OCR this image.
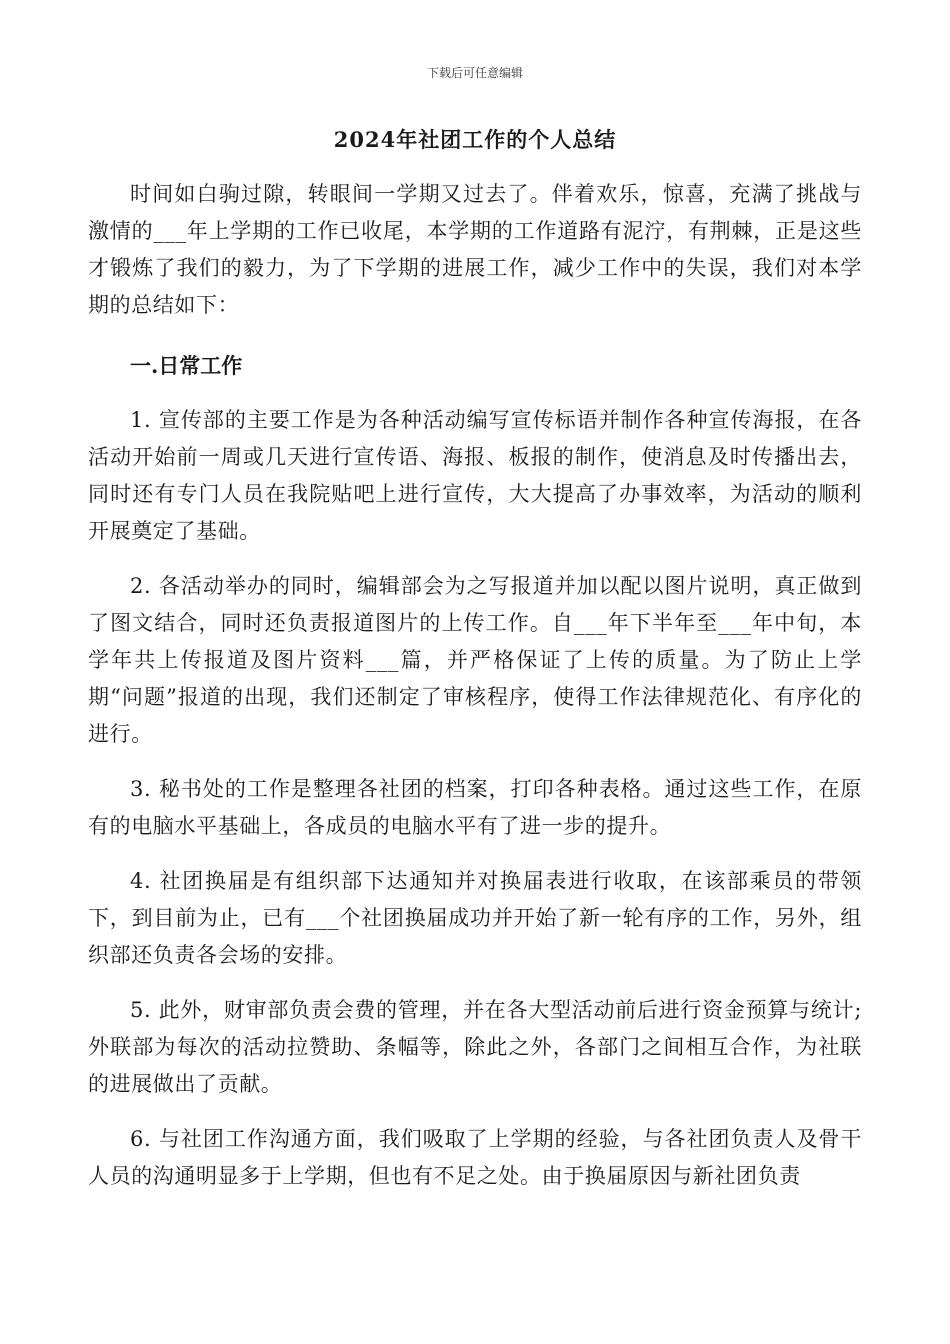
下载后可任意编辑
2024年社团工作的个人总结

时间如白驹过隙，转眼间一学期又过去了。伴着欢乐，惊喜，充满了挑战与激情的___年上学期的工作已收尾，本学期的工作道路有泥泞，有荆棘，正是这些才锻炼了我们的毅力，为了下学期的进展工作，减少工作中的失误，我们对本学期的总结如下：

一.日常工作

1. 宣传部的主要工作是为各种活动编写宣传标语并制作各种宣传海报，在各活动开始前一周或几天进行宣传语、海报、板报的制作，使消息及时传播出去，同时还有专门人员在我院贴吧上进行宣传，大大提高了办事效率，为活动的顺利开展奠定了基础。

2. 各活动举办的同时，编辑部会为之写报道并加以配以图片说明，真正做到了图文结合，同时还负责报道图片的上传工作。自___年下半年至___年中旬，本学年共上传报道及图片资料___篇，并严格保证了上传的质量。为了防止上学期“问题”报道的出现，我们还制定了审核程序，使得工作法律规范化、有序化的进行。

3. 秘书处的工作是整理各社团的档案，打印各种表格。通过这些工作，在原有的电脑水平基础上，各成员的电脑水平有了进一步的提升。

4. 社团换届是有组织部下达通知并对换届表进行收取，在该部乘员的带领下，到目前为止，已有___个社团换届成功并开始了新一轮有序的工作，另外，组织部还负责各会场的安排。

5. 此外，财审部负责会费的管理，并在各大型活动前后进行资金预算与统计;外联部为每次的活动拉赞助、条幅等，除此之外，各部门之间相互合作，为社联的进展做出了贡献。

6. 与社团工作沟通方面，我们吸取了上学期的经验，与各社团负责人及骨干人员的沟通明显多于上学期，但也有不足之处。由于换届原因与新社团负责
